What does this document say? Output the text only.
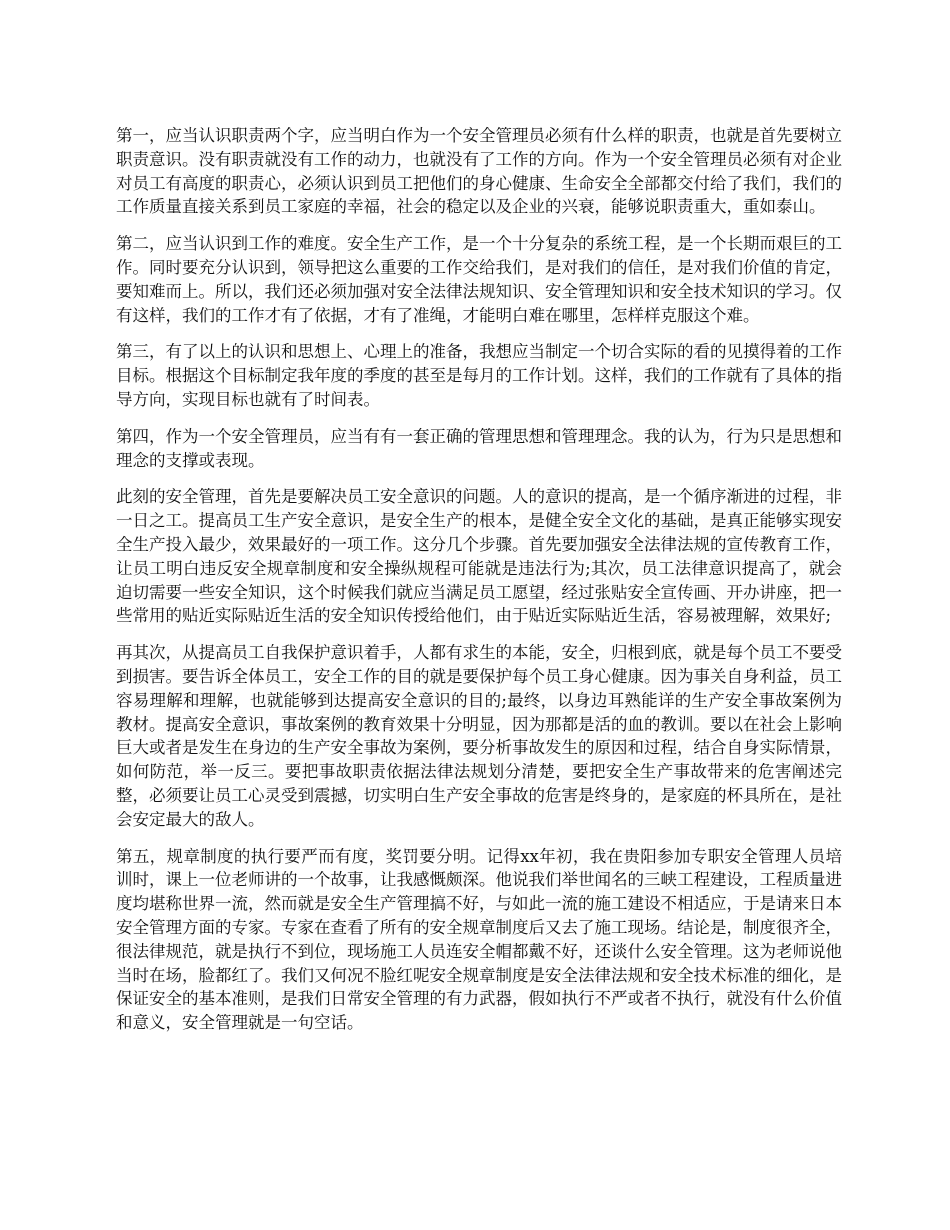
第一，应当认识职责两个字，应当明白作为一个安全管理员必须有什么样的职责，也就是首先要树立职责意识。没有职责就没有工作的动力，也就没有了工作的方向。作为一个安全管理员必须有对企业对员工有高度的职责心，必须认识到员工把他们的身心健康、生命安全全部都交付给了我们，我们的工作质量直接关系到员工家庭的幸福，社会的稳定以及企业的兴衰，能够说职责重大，重如泰山。

第二，应当认识到工作的难度。安全生产工作，是一个十分复杂的系统工程，是一个长期而艰巨的工作。同时要充分认识到，领导把这么重要的工作交给我们，是对我们的信任，是对我们价值的肯定，要知难而上。所以，我们还必须加强对安全法律法规知识、安全管理知识和安全技术知识的学习。仅有这样，我们的工作才有了依据，才有了准绳，才能明白难在哪里，怎样样克服这个难。

第三，有了以上的认识和思想上、心理上的准备，我想应当制定一个切合实际的看的见摸得着的工作目标。根据这个目标制定我年度的季度的甚至是每月的工作计划。这样，我们的工作就有了具体的指导方向，实现目标也就有了时间表。

第四，作为一个安全管理员，应当有有一套正确的管理思想和管理理念。我的认为，行为只是思想和理念的支撑或表现。

此刻的安全管理，首先是要解决员工安全意识的问题。人的意识的提高，是一个循序渐进的过程，非一日之工。提高员工生产安全意识，是安全生产的根本，是健全安全文化的基础，是真正能够实现安全生产投入最少，效果最好的一项工作。这分几个步骤。首先要加强安全法律法规的宣传教育工作，让员工明白违反安全规章制度和安全操纵规程可能就是违法行为;其次，员工法律意识提高了，就会迫切需要一些安全知识，这个时候我们就应当满足员工愿望，经过张贴安全宣传画、开办讲座，把一些常用的贴近实际贴近生活的安全知识传授给他们，由于贴近实际贴近生活，容易被理解，效果好;

再其次，从提高员工自我保护意识着手，人都有求生的本能，安全，归根到底，就是每个员工不要受到损害。要告诉全体员工，安全工作的目的就是要保护每个员工身心健康。因为事关自身利益，员工容易理解和理解，也就能够到达提高安全意识的目的;最终，以身边耳熟能详的生产安全事故案例为教材。提高安全意识，事故案例的教育效果十分明显，因为那都是活的血的教训。要以在社会上影响巨大或者是发生在身边的生产安全事故为案例，要分析事故发生的原因和过程，结合自身实际情景，如何防范，举一反三。要把事故职责依据法律法规划分清楚，要把安全生产事故带来的危害阐述完整，必须要让员工心灵受到震撼，切实明白生产安全事故的危害是终身的，是家庭的杯具所在，是社会安定最大的敌人。

第五，规章制度的执行要严而有度，奖罚要分明。记得xx年初，我在贵阳参加专职安全管理人员培训时，课上一位老师讲的一个故事，让我感慨颇深。他说我们举世闻名的三峡工程建设，工程质量进度均堪称世界一流，然而就是安全生产管理搞不好，与如此一流的施工建设不相适应，于是请来日本安全管理方面的专家。专家在查看了所有的安全规章制度后又去了施工现场。结论是，制度很齐全，很法律规范，就是执行不到位，现场施工人员连安全帽都戴不好，还谈什么安全管理。这为老师说他当时在场，脸都红了。我们又何况不脸红呢安全规章制度是安全法律法规和安全技术标准的细化，是保证安全的基本准则，是我们日常安全管理的有力武器，假如执行不严或者不执行，就没有什么价值和意义，安全管理就是一句空话。
